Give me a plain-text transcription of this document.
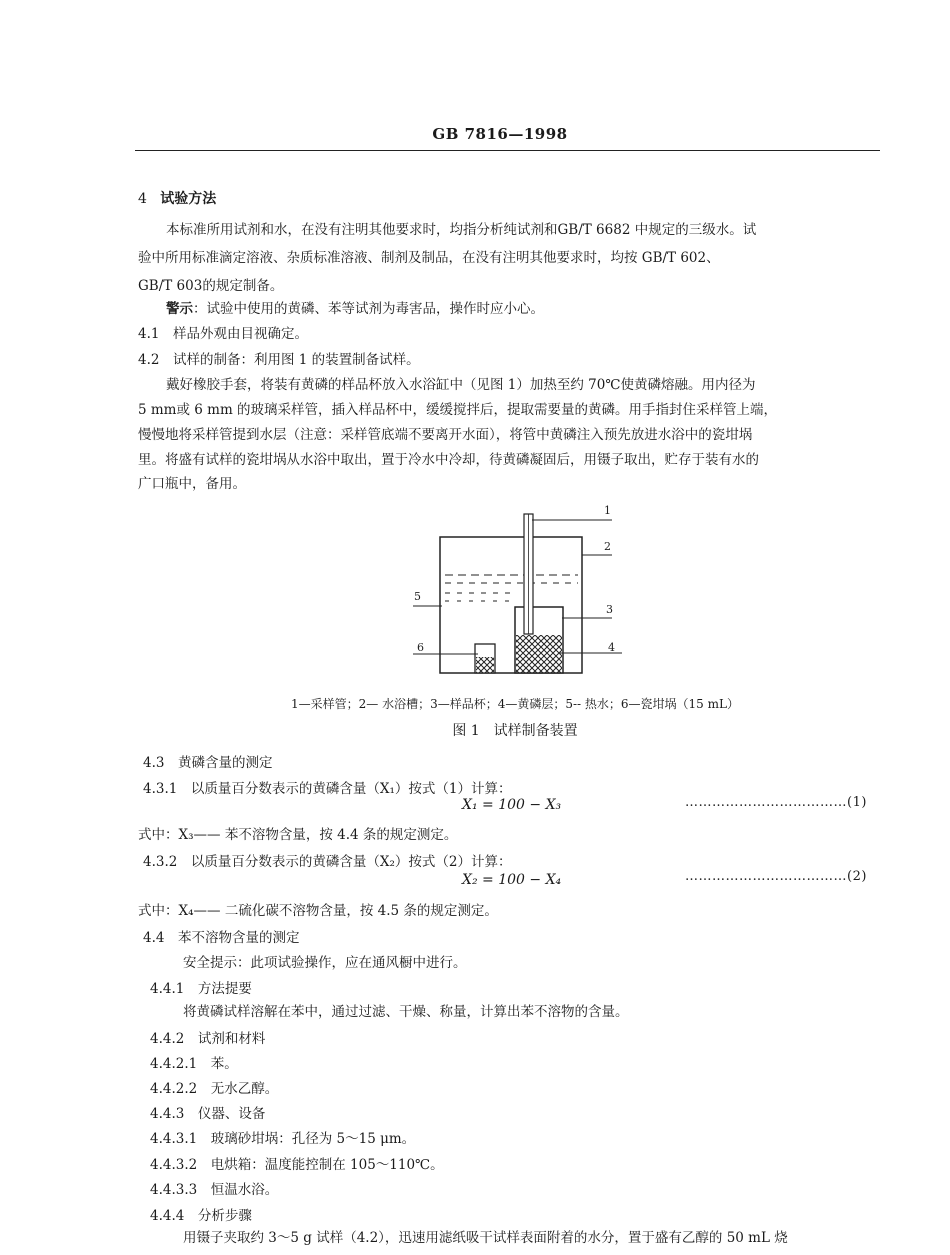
GB 7816—1998
4 试验方法
本标准所用试剂和水，在没有注明其他要求时，均指分析纯试剂和GB/T 6682 中规定的三级水。试
验中所用标准滴定溶液、杂质标准溶液、制剂及制品，在没有注明其他要求时，均按 GB/T 602、
GB/T 603的规定制备。
警示：试验中使用的黄磷、苯等试剂为毒害品，操作时应小心。
4.1　样品外观由目视确定。
4.2　试样的制备：利用图 1 的装置制备试样。
戴好橡胶手套，将装有黄磷的样品杯放入水浴缸中（见图 1）加热至约 70℃使黄磷熔融。用内径为
5 mm或 6 mm 的玻璃采样管，插入样品杯中，缓缓搅拌后，提取需要量的黄磷。用手指封住采样管上端，
慢慢地将采样管提到水层（注意：采样管底端不要离开水面），将管中黄磷注入预先放进水浴中的瓷坩埚
里。将盛有试样的瓷坩埚从水浴中取出，置于冷水中冷却，待黄磷凝固后，用镊子取出，贮存于装有水的
广口瓶中，备用。
1
2
3
4
5
6
1—采样管；2— 水浴槽；3—样品杯；4—黄磷层；5-- 热水；6—瓷坩埚（15 mL）
图 1　试样制备装置
4.3　黄磷含量的测定
4.3.1　以质量百分数表示的黄磷含量（X₁）按式（1）计算：
X₁ = 100 − X₃	………………………………(1)
式中：X₃—— 苯不溶物含量，按 4.4 条的规定测定。
4.3.2　以质量百分数表示的黄磷含量（X₂）按式（2）计算：
X₂ = 100 − X₄	………………………………(2)
式中：X₄—— 二硫化碳不溶物含量，按 4.5 条的规定测定。
4.4　苯不溶物含量的测定
安全提示：此项试验操作，应在通风橱中进行。
4.4.1　方法提要
将黄磷试样溶解在苯中，通过过滤、干燥、称量，计算出苯不溶物的含量。
4.4.2　试剂和材料
4.4.2.1　苯。
4.4.2.2　无水乙醇。
4.4.3　仪器、设备
4.4.3.1　玻璃砂坩埚：孔径为 5～15 μm。
4.4.3.2　电烘箱：温度能控制在 105～110℃。
4.4.3.3　恒温水浴。
4.4.4　分析步骤
用镊子夹取约 3～5 g 试样（4.2），迅速用滤纸吸干试样表面附着的水分，置于盛有乙醇的 50 mL 烧
